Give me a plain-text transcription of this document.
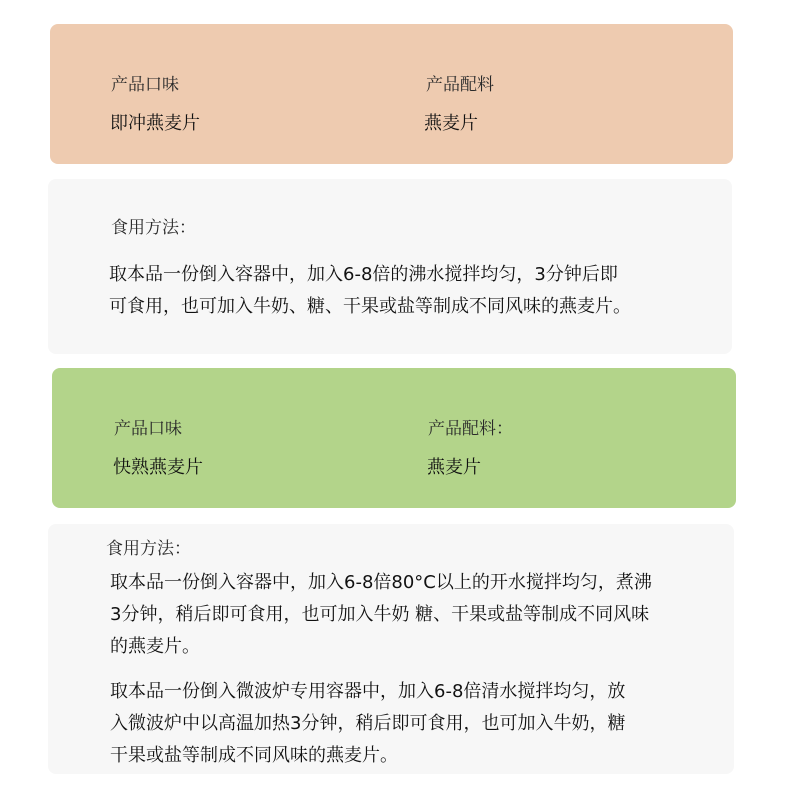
产品口味
即冲燕麦片
产品配料
燕麦片
食用方法：
取本品一份倒入容器中，加入6-8倍的沸水搅拌均匀，3分钟后即
可食用，也可加入牛奶、糖、干果或盐等制成不同风味的燕麦片。
产品口味
快熟燕麦片
产品配料：
燕麦片
食用方法：
取本品一份倒入容器中，加入6-8倍80°C以上的开水搅拌均匀，煮沸
3分钟，稍后即可食用，也可加入牛奶 糖、干果或盐等制成不同风味
的燕麦片。
取本品一份倒入微波炉专用容器中，加入6-8倍清水搅拌均匀，放
入微波炉中以高温加热3分钟，稍后即可食用，也可加入牛奶，糖
干果或盐等制成不同风味的燕麦片。
